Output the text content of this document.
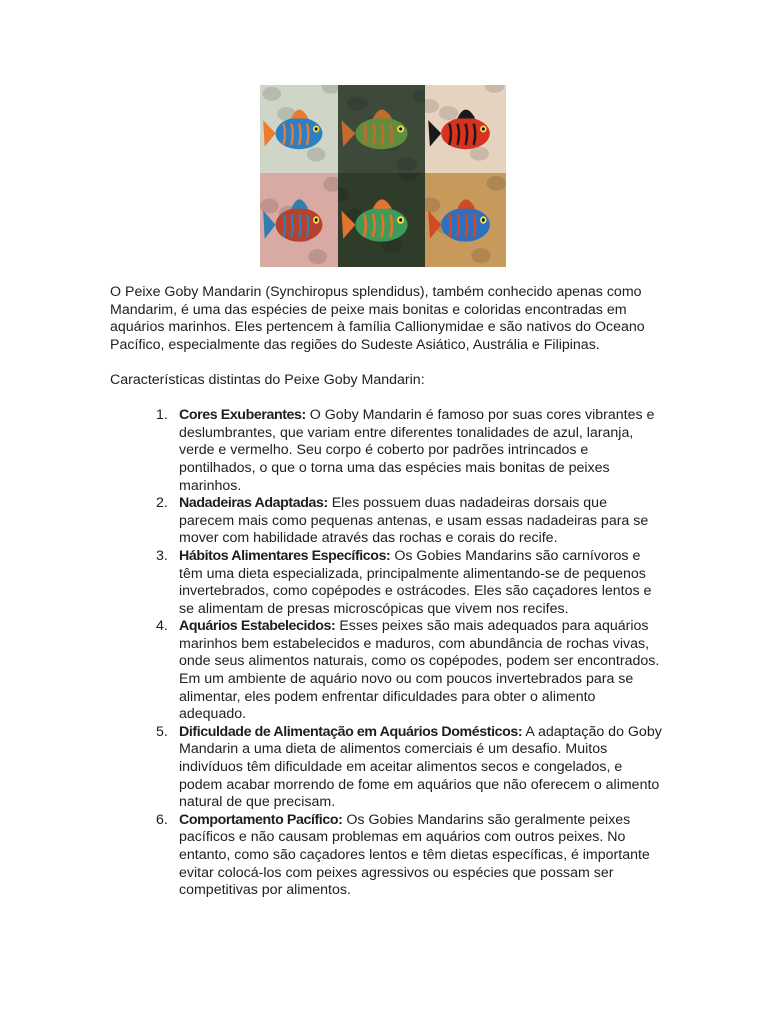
O Peixe Goby Mandarin (Synchiropus splendidus), também conhecido apenas como Mandarim, é uma das espécies de peixe mais bonitas e coloridas encontradas em aquários marinhos. Eles pertencem à família Callionymidae e são nativos do Oceano Pacífico, especialmente das regiões do Sudeste Asiático, Austrália e Filipinas.

Características distintas do Peixe Goby Mandarin:

1. Cores Exuberantes: O Goby Mandarin é famoso por suas cores vibrantes e deslumbrantes, que variam entre diferentes tonalidades de azul, laranja, verde e vermelho. Seu corpo é coberto por padrões intrincados e pontilhados, o que o torna uma das espécies mais bonitas de peixes marinhos.
2. Nadadeiras Adaptadas: Eles possuem duas nadadeiras dorsais que parecem mais como pequenas antenas, e usam essas nadadeiras para se mover com habilidade através das rochas e corais do recife.
3. Hábitos Alimentares Específicos: Os Gobies Mandarins são carnívoros e têm uma dieta especializada, principalmente alimentando-se de pequenos invertebrados, como copépodes e ostrácodes. Eles são caçadores lentos e se alimentam de presas microscópicas que vivem nos recifes.
4. Aquários Estabelecidos: Esses peixes são mais adequados para aquários marinhos bem estabelecidos e maduros, com abundância de rochas vivas, onde seus alimentos naturais, como os copépodes, podem ser encontrados. Em um ambiente de aquário novo ou com poucos invertebrados para se alimentar, eles podem enfrentar dificuldades para obter o alimento adequado.
5. Dificuldade de Alimentação em Aquários Domésticos: A adaptação do Goby Mandarin a uma dieta de alimentos comerciais é um desafio. Muitos indivíduos têm dificuldade em aceitar alimentos secos e congelados, e podem acabar morrendo de fome em aquários que não oferecem o alimento natural de que precisam.
6. Comportamento Pacífico: Os Gobies Mandarins são geralmente peixes pacíficos e não causam problemas em aquários com outros peixes. No entanto, como são caçadores lentos e têm dietas específicas, é importante evitar colocá-los com peixes agressivos ou espécies que possam ser competitivas por alimentos.
